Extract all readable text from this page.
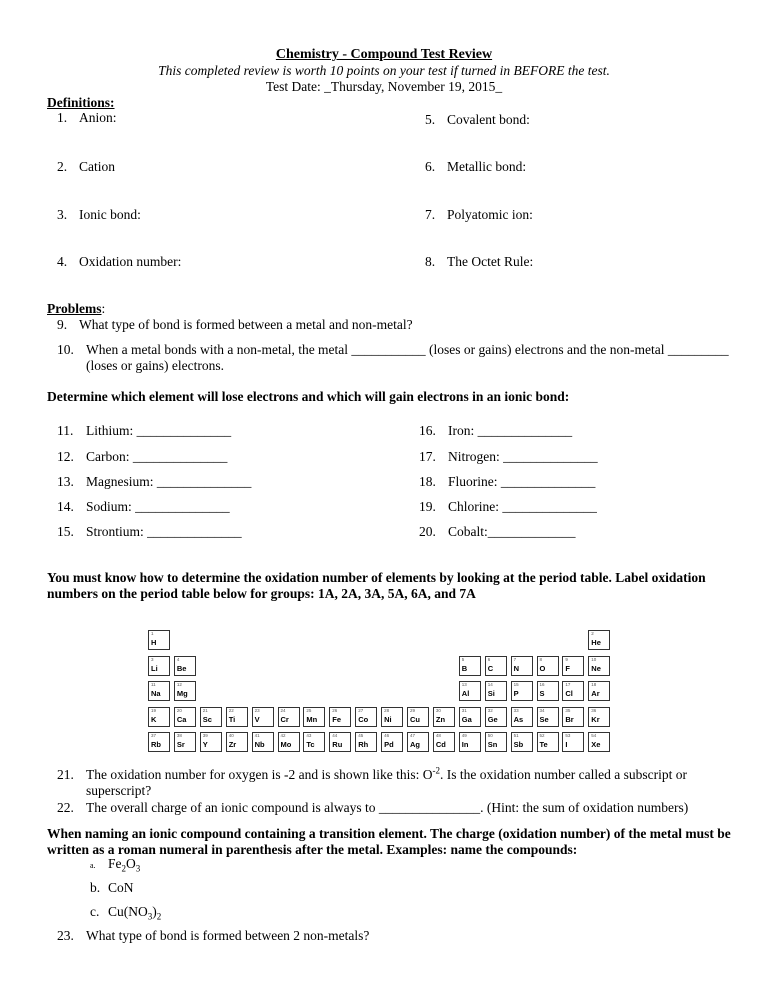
Chemistry - Compound Test Review
This completed review is worth 10 points on your test if turned in BEFORE the test.
Test Date: _Thursday, November 19, 2015_
Definitions:
1. Anion:
2. Cation
3. Ionic bond:
4. Oxidation number:
5. Covalent bond:
6. Metallic bond:
7. Polyatomic ion:
8. The Octet Rule:
Problems:
9. What type of bond is formed between a metal and non-metal?
10. When a metal bonds with a non-metal, the metal ___________ (loses or gains) electrons and the non-metal _________ (loses or gains) electrons.
Determine which element will lose electrons and which will gain electrons in an ionic bond:
11. Lithium: ______________
12. Carbon: ______________
13. Magnesium: ______________
14. Sodium: ______________
15. Strontium: ______________
16. Iron: ______________
17. Nitrogen: ______________
18. Fluorine: ______________
19. Chlorine: ______________
20. Cobalt:_____________
You must know how to determine the oxidation number of elements by looking at the period table. Label oxidation numbers on the period table below for groups: 1A, 2A, 3A, 5A, 6A, and 7A
1
H
2
He
3
Li
4
Be
5
B
6
C
7
N
8
O
9
F
10
Ne
11
Na
12
Mg
13
Al
14
Si
15
P
16
S
17
Cl
18
Ar
19
K
20
Ca
21
Sc
22
Ti
23
V
24
Cr
25
Mn
26
Fe
27
Co
28
Ni
29
Cu
30
Zn
31
Ga
32
Ge
33
As
34
Se
35
Br
36
Kr
37
Rb
38
Sr
39
Y
40
Zr
41
Nb
42
Mo
43
Tc
44
Ru
45
Rh
46
Pd
47
Ag
48
Cd
49
In
50
Sn
51
Sb
52
Te
53
I
54
Xe
21. The oxidation number for oxygen is -2 and is shown like this: $O^{-2}$. Is the oxidation number called a subscript or superscript?
22. The overall charge of an ionic compound is always to _______________. (Hint: the sum of oxidation numbers)
When naming an ionic compound containing a transition element. The charge (oxidation number) of the metal must be written as a roman numeral in parenthesis after the metal. Examples: name the compounds:
a. $Fe_2O_3$
b. CoN
c. $Cu(NO_3)_2$
23. What type of bond is formed between 2 non-metals?
